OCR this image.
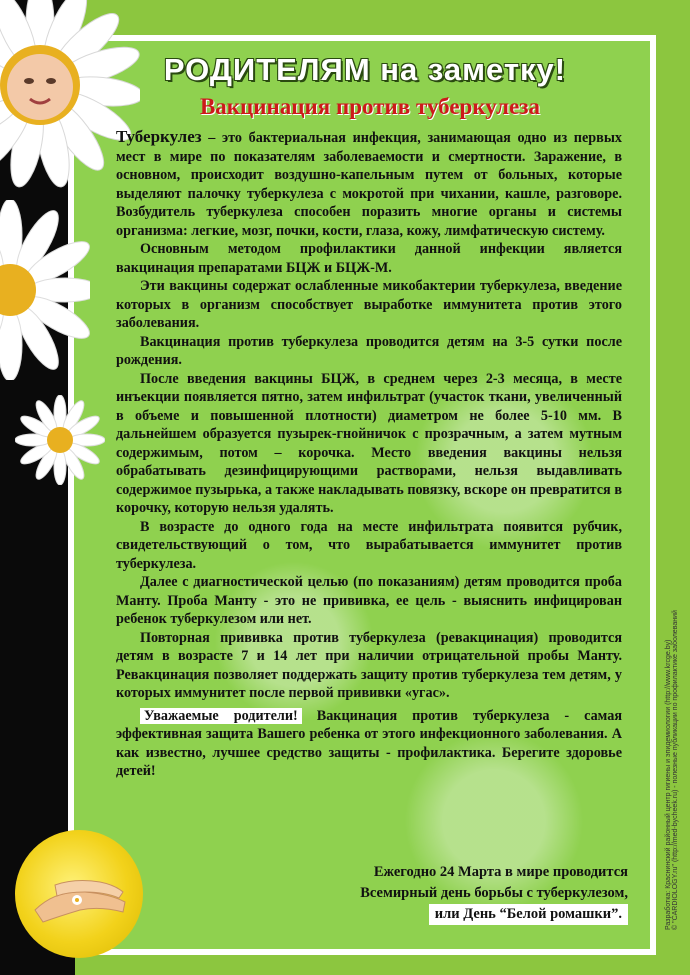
РОДИТЕЛЯМ на заметку!
Вакцинация против туберкулеза

Туберкулез – это бактериальная инфекция, занимающая одно из первых мест в мире по показателям заболеваемости и смертности. Заражение, в основном, происходит воздушно-капельным путем от больных, которые выделяют палочку туберкулеза с мокротой при чихании, кашле, разговоре. Возбудитель туберкулеза способен поразить многие органы и системы организма: легкие, мозг, почки, кости, глаза, кожу, лимфатическую систему.

Основным методом профилактики данной инфекции является вакцинация препаратами БЦЖ и БЦЖ-М.

Эти вакцины содержат ослабленные микобактерии туберкулеза, введение которых в организм способствует выработке иммунитета против этого заболевания.

Вакцинация против туберкулеза проводится детям на 3-5 сутки после рождения.

После введения вакцины БЦЖ, в среднем через 2-3 месяца, в месте инъекции появляется пятно, затем инфильтрат (участок ткани, увеличенный в объеме и повышенной плотности) диаметром не более 5-10 мм. В дальнейшем образуется пузырек-гнойничок с прозрачным, а затем мутным содержимым, потом – корочка. Место введения вакцины нельзя обрабатывать дезинфицирующими растворами, нельзя выдавливать содержимое пузырька, а также накладывать повязку, вскоре он превратится в корочку, которую нельзя удалять.

В возрасте до одного года на месте инфильтрата появится рубчик, свидетельствующий о том, что вырабатывается иммунитет против туберкулеза.

Далее с диагностической целью (по показаниям) детям проводится проба Манту. Проба Манту - это не прививка, ее цель - выяснить инфицирован ребенок туберкулезом или нет.

Повторная прививка против туберкулеза (ревакцинация) проводится детям в возрасте 7 и 14 лет при наличии отрицательной пробы Манту. Ревакцинация позволяет поддержать защиту против туберкулеза тем детям, у которых иммунитет после первой прививки «угас».

Уважаемые родители! Вакцинация против туберкулеза - самая эффективная защита Вашего ребенка от этого инфекционного заболевания. А как известно, лучшее средство защиты - профилактика. Берегите здоровье детей!

Ежегодно 24 Марта в мире проводится
Всемирный день борьбы с туберкулезом,
или День “Белой ромашки”.	Разработка: Краснинский районный центр гигиены и эпидемиологии (http://www.krcge.by) © "CARDIOLOGY.ru" (http://med-bycheek.ru) - полезные публикации по профилактике заболеваний
